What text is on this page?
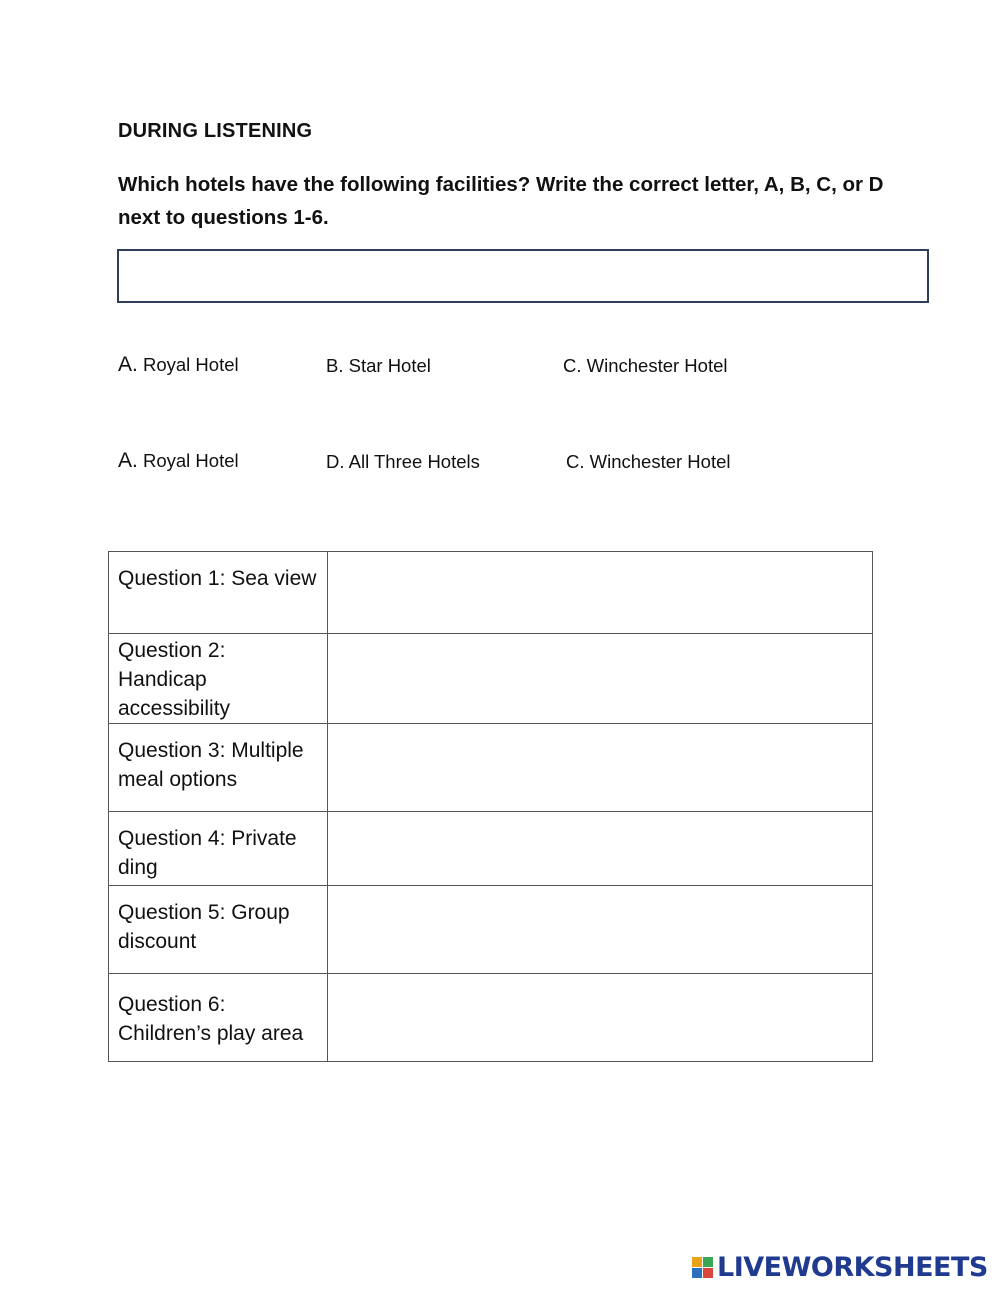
DURING LISTENING
Which hotels have the following facilities? Write the correct letter, A, B, C, or D next to questions 1-6.
A. Royal Hotel	B. Star Hotel	C. Winchester Hotel
A. Royal Hotel	D. All Three Hotels	C. Winchester Hotel
Question 1: Sea view	
Question 2: Handicap accessibility	
Question 3: Multiple meal options	
Question 4: Private ding	
Question 5: Group discount	
Question 6: Children’s play area	
LIVEWORKSHEETS
